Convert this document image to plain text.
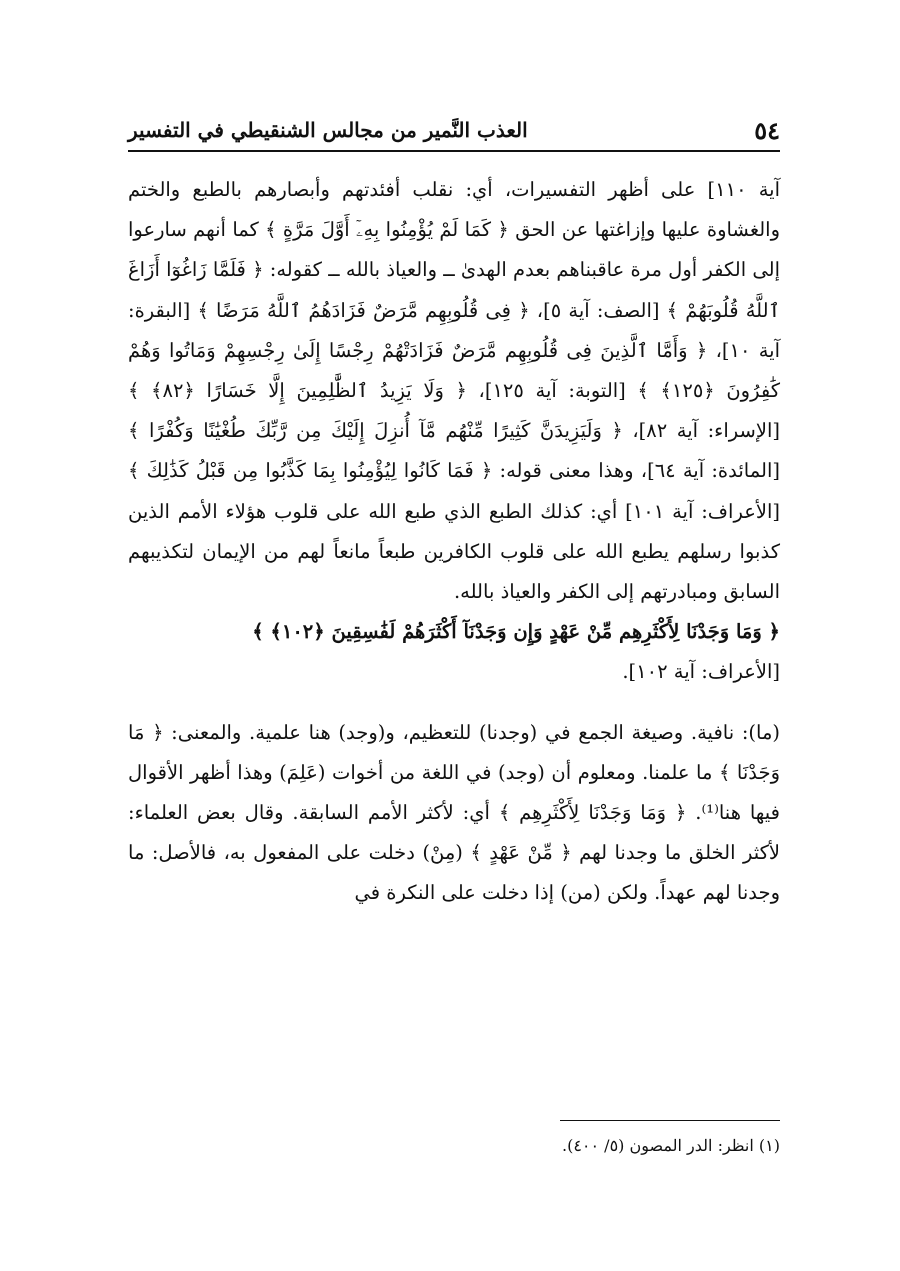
٥٤
العذب النَّمير من مجالس الشنقيطي في التفسير

آية ١١٠] على أظهر التفسيرات، أي: نقلب أفئدتهم وأبصارهم بالطبع والختم والغشاوة عليها وإزاغتها عن الحق ﴿ كَمَا لَمْ يُؤْمِنُوا بِهِۦٓ أَوَّلَ مَرَّةٍ ﴾ كما أنهم سارعوا إلى الكفر أول مرة عاقبناهم بعدم الهدىٰ ــ والعياذ بالله ــ كقوله: ﴿ فَلَمَّا زَاغُوٓا أَزَاغَ ٱللَّهُ قُلُوبَهُمْ ﴾ [الصف: آية ٥]، ﴿ فِى قُلُوبِهِم مَّرَضٌ فَزَادَهُمُ ٱللَّهُ مَرَضًا ﴾ [البقرة: آية ١٠]، ﴿ وَأَمَّا ٱلَّذِينَ فِى قُلُوبِهِم مَّرَضٌ فَزَادَتْهُمْ رِجْسًا إِلَىٰ رِجْسِهِمْ وَمَاتُوا وَهُمْ كَٰفِرُونَ ﴿١٢٥﴾ ﴾ [التوبة: آية ١٢٥]، ﴿ وَلَا يَزِيدُ ٱلظَّٰلِمِينَ إِلَّا خَسَارًا ﴿٨٢﴾ ﴾ [الإسراء: آية ٨٢]، ﴿ وَلَيَزِيدَنَّ كَثِيرًا مِّنْهُم مَّآ أُنزِلَ إِلَيْكَ مِن رَّبِّكَ طُغْيَٰنًا وَكُفْرًا ﴾ [المائدة: آية ٦٤]، وهذا معنى قوله: ﴿ فَمَا كَانُوا لِيُؤْمِنُوا بِمَا كَذَّبُوا مِن قَبْلُ كَذَٰلِكَ ﴾ [الأعراف: آية ١٠١] أي: كذلك الطبع الذي طبع الله على قلوب هؤلاء الأمم الذين كذبوا رسلهم يطبع الله على قلوب الكافرين طبعاً مانعاً لهم من الإيمان لتكذيبهم السابق ومبادرتهم إلى الكفر والعياذ بالله.

﴿ وَمَا وَجَدْنَا لِأَكْثَرِهِم مِّنْ عَهْدٍ وَإِن وَجَدْنَآ أَكْثَرَهُمْ لَفَٰسِقِينَ ﴿١٠٢﴾ ﴾

[الأعراف: آية ١٠٢].

(ما): نافية. وصيغة الجمع في (وجدنا) للتعظيم، و(وجد) هنا علمية. والمعنى: ﴿ مَا وَجَدْنَا ﴾ ما علمنا. ومعلوم أن (وجد) في اللغة من أخوات (عَلِمَ) وهذا أظهر الأقوال فيها هنا⁽¹⁾. ﴿ وَمَا وَجَدْنَا لِأَكْثَرِهِم ﴾ أي: لأكثر الأمم السابقة. وقال بعض العلماء: لأكثر الخلق ما وجدنا لهم ﴿ مِّنْ عَهْدٍ ﴾ (مِنْ) دخلت على المفعول به، فالأصل: ما وجدنا لهم عهداً. ولكن (من) إذا دخلت على النكرة في

(١) انظر: الدر المصون (٥/ ٤٠٠).
